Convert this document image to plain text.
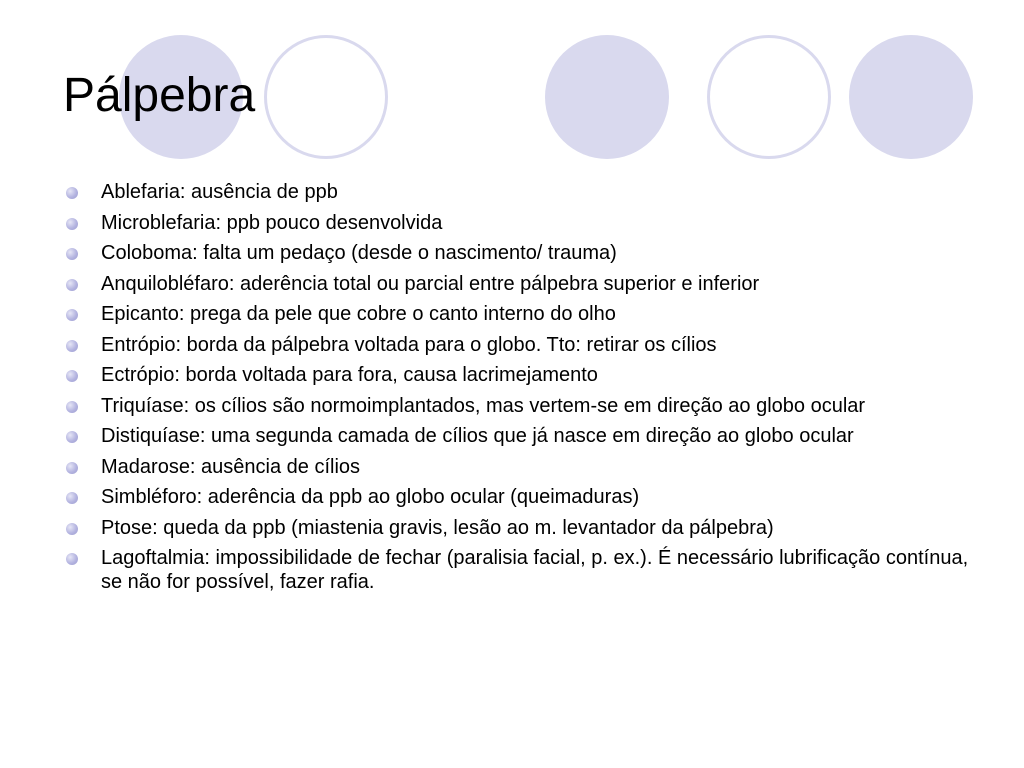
Pálpebra
Ablefaria: ausência de ppb
Microblefaria: ppb pouco desenvolvida
Coloboma: falta um pedaço (desde o nascimento/ trauma)
Anquilobléfaro: aderência total ou parcial entre pálpebra superior e inferior
Epicanto: prega da pele que cobre o canto interno do olho
Entrópio: borda da pálpebra voltada para o globo. Tto: retirar os cílios
Ectrópio: borda voltada para fora, causa lacrimejamento
Triquíase: os cílios são normoimplantados, mas vertem-se em direção ao globo ocular
Distiquíase: uma segunda camada de cílios que já nasce em direção ao globo ocular
Madarose: ausência de cílios
Simbléforo: aderência da ppb ao globo ocular (queimaduras)
Ptose: queda da ppb (miastenia gravis, lesão ao m. levantador da pálpebra)
Lagoftalmia: impossibilidade de fechar (paralisia facial, p. ex.). É necessário lubrificação contínua, se não for possível, fazer rafia.
